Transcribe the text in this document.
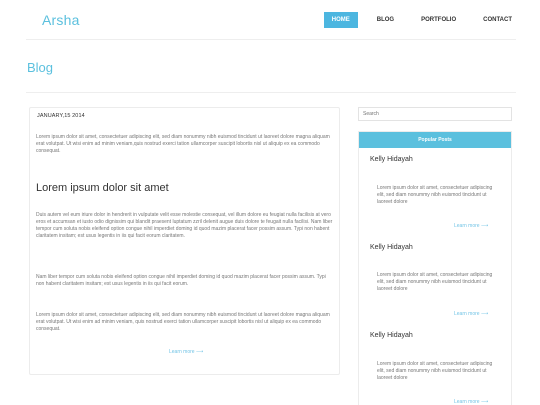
Arsha	HOME	BLOG	PORTFOLIO	CONTACT
Blog
JANUARY,15 2014

Lorem ipsum dolor sit amet, consectetuer adipiscing elit, sed diam nonummy nibh euismod tincidunt ut laoreet dolore magna aliquam erat volutpat. Ut wisi enim ad minim veniam,quis nostrud exerci tation ullamcorper suscipit lobortis nisl ut aliquip ex ea commodo consequat.

Lorem ipsum dolor sit amet

Duis autem vel eum iriure dolor in hendrerit in vulputate velit esse molestie consequat, vel illum dolore eu feugiat nulla facilisis at vero eros et accumsan et iusto odio dignissim qui blandit praesent luptatum zzril delenit augue duis dolore te feugait nulla facilisi. Nam liber tempor cum soluta nobis eleifend option congue nihil imperdiet doming id quod mazim placerat facer possim assum. Typi non habent claritatem insitam; est usus legentis in iis qui facit eorum claritatem.

Nam liber tempor cum soluta nobis eleifend option congue nihil imperdiet doming id quod mazim placerat facer possim assum. Typi non habent claritatem insitam; est usus legentis in iis qui facit eorum.

Lorem ipsum dolor sit amet, consectetuer adipiscing elit, sed diam nonummy nibh euismod tincidunt ut laoreet dolore magna aliquam erat volutpat. Ut wisi enim ad minim veniam, quis nostrud exerci tation ullamcorper suscipit lobortis nisl ut aliquip ex ea commodo consequat.

Learn more ⟶
Search
Popular Posts
Kelly Hidayah

Lorem ipsum dolor sit amet, consectetuer adipiscing elit, sed diam nonummy nibh euismod tincidunt ut laoreet dolore

Learn more ⟶
Kelly Hidayah

Lorem ipsum dolor sit amet, consectetuer adipiscing elit, sed diam nonummy nibh euismod tincidunt ut laoreet dolore

Learn more ⟶
Kelly Hidayah

Lorem ipsum dolor sit amet, consectetuer adipiscing elit, sed diam nonummy nibh euismod tincidunt ut laoreet dolore

Learn more ⟶
